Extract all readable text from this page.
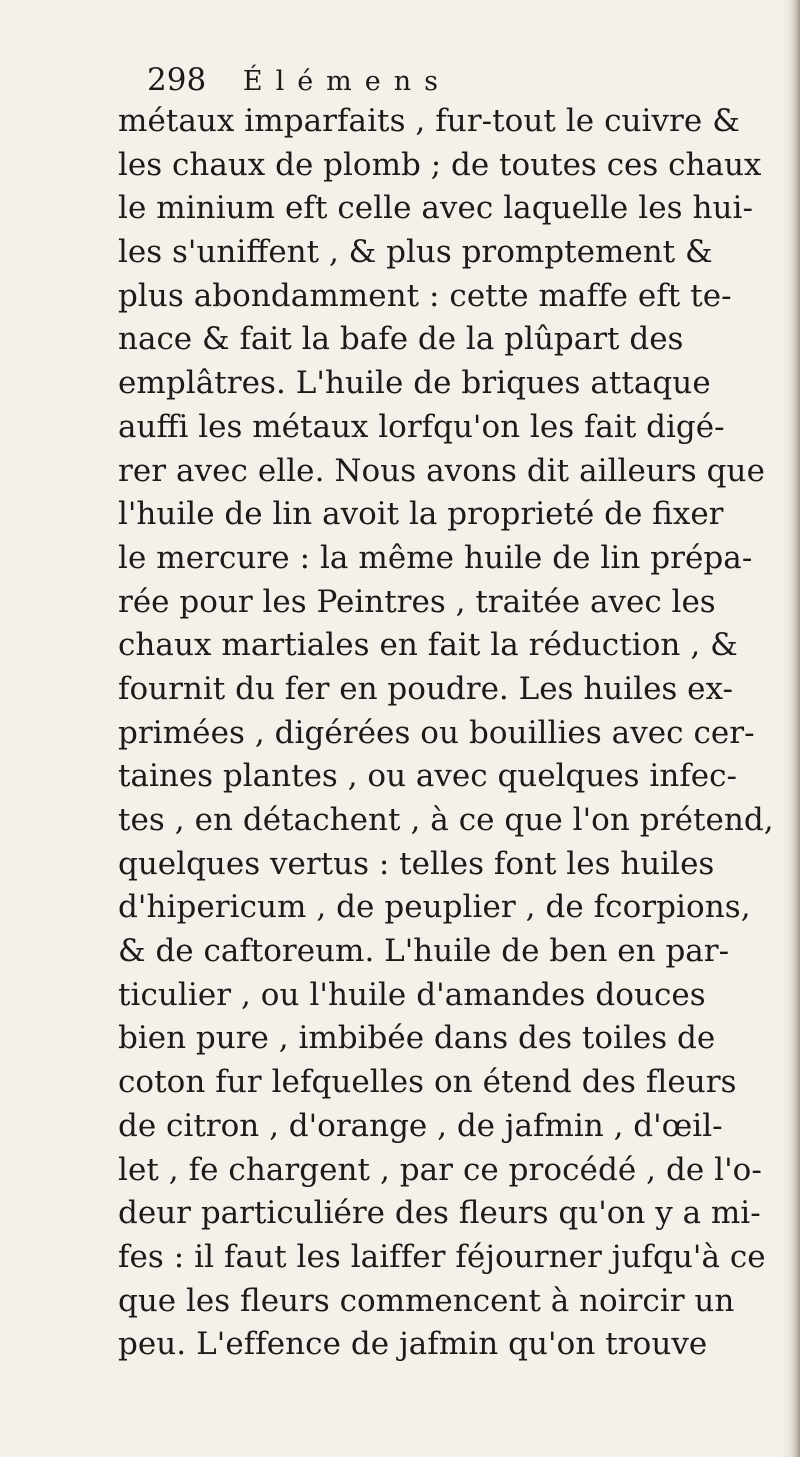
298 Élémens
métaux imparfaits , fur-tout le cuivre &
les chaux de plomb ; de toutes ces chaux
le minium eft celle avec laquelle les hui-
les s'uniffent , & plus promptement &
plus abondamment : cette maffe eft te-
nace & fait la bafe de la plûpart des
emplâtres. L'huile de briques attaque
auffi les métaux lorfqu'on les fait digé-
rer avec elle. Nous avons dit ailleurs que
l'huile de lin avoit la proprieté de fixer
le mercure : la même huile de lin prépa-
rée pour les Peintres , traitée avec les
chaux martiales en fait la réduction , &
fournit du fer en poudre. Les huiles ex-
primées , digérées ou bouillies avec cer-
taines plantes , ou avec quelques infec-
tes , en détachent , à ce que l'on prétend,
quelques vertus : telles font les huiles
d'hipericum , de peuplier , de fcorpions,
& de caftoreum. L'huile de ben en par-
ticulier , ou l'huile d'amandes douces
bien pure , imbibée dans des toiles de
coton fur lefquelles on étend des fleurs
de citron , d'orange , de jafmin , d'œil-
let , fe chargent , par ce procédé , de l'o-
deur particuliére des fleurs qu'on y a mi-
fes : il faut les laiffer féjourner jufqu'à ce
que les fleurs commencent à noircir un
peu. L'effence de jafmin qu'on trouve
